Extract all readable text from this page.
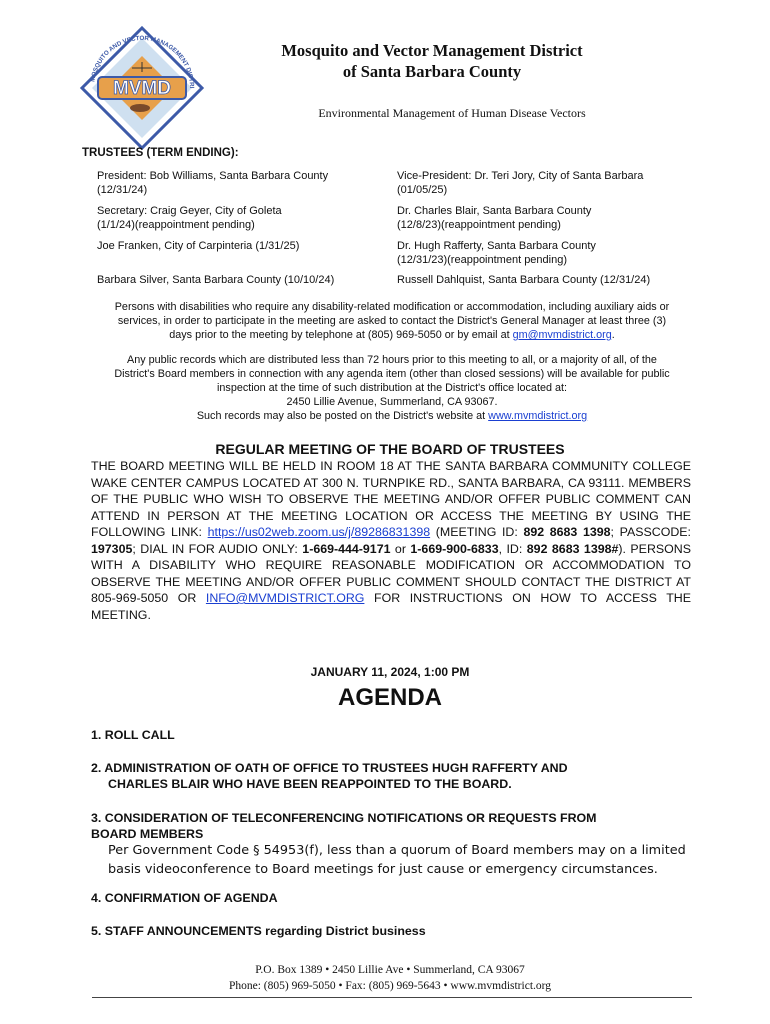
MOSQUITO AND VECTOR MANAGEMENT DISTRI
MVMD
Mosquito and Vector Management District
of Santa Barbara County
Environmental Management of Human Disease Vectors
TRUSTEES (TERM ENDING):
President: Bob Williams, Santa Barbara County
(12/31/24)
Secretary: Craig Geyer, City of Goleta
(1/1/24)(reappointment pending)
Joe Franken, City of Carpinteria (1/31/25)
Barbara Silver, Santa Barbara County (10/10/24)
Vice-President: Dr. Teri Jory, City of Santa Barbara
(01/05/25)
Dr. Charles Blair, Santa Barbara County
(12/8/23)(reappointment pending)
Dr. Hugh Rafferty, Santa Barbara County
(12/31/23)(reappointment pending)
Russell Dahlquist, Santa Barbara County (12/31/24)
Persons with disabilities who require any disability-related modification or accommodation, including auxiliary aids or
services, in order to participate in the meeting are asked to contact the District's General Manager at least three (3)
days prior to the meeting by telephone at (805) 969-5050 or by email at gm@mvmdistrict.org.
Any public records which are distributed less than 72 hours prior to this meeting to all, or a majority of all, of the
District's Board members in connection with any agenda item (other than closed sessions) will be available for public
inspection at the time of such distribution at the District's office located at:
2450 Lillie Avenue, Summerland, CA 93067.
Such records may also be posted on the District's website at www.mvmdistrict.org
REGULAR MEETING OF THE BOARD OF TRUSTEES
THE BOARD MEETING WILL BE HELD IN ROOM 18 AT THE SANTA BARBARA COMMUNITY COLLEGE WAKE CENTER CAMPUS LOCATED AT 300 N. TURNPIKE RD., SANTA BARBARA, CA 93111. MEMBERS OF THE PUBLIC WHO WISH TO OBSERVE THE MEETING AND/OR OFFER PUBLIC COMMENT CAN ATTEND IN PERSON AT THE MEETING LOCATION OR ACCESS THE MEETING BY USING THE FOLLOWING LINK: https://us02web.zoom.us/j/89286831398 (MEETING ID: 892 8683 1398; PASSCODE: 197305; DIAL IN FOR AUDIO ONLY: 1-669-444-9171 or 1-669-900-6833, ID: 892 8683 1398#). PERSONS WITH A DISABILITY WHO REQUIRE REASONABLE MODIFICATION OR ACCOMMODATION TO OBSERVE THE MEETING AND/OR OFFER PUBLIC COMMENT SHOULD CONTACT THE DISTRICT AT 805-969-5050 OR INFO@MVMDISTRICT.ORG FOR INSTRUCTIONS ON HOW TO ACCESS THE MEETING.
JANUARY 11, 2024, 1:00 PM
AGENDA
1. ROLL CALL
2. ADMINISTRATION OF OATH OF OFFICE TO TRUSTEES HUGH RAFFERTY AND
CHARLES BLAIR WHO HAVE BEEN REAPPOINTED TO THE BOARD.
3. CONSIDERATION OF TELECONFERENCING NOTIFICATIONS OR REQUESTS FROM
BOARD MEMBERS
Per Government Code § 54953(f), less than a quorum of Board members may on a limited
basis videoconference to Board meetings for just cause or emergency circumstances.
4. CONFIRMATION OF AGENDA
5. STAFF ANNOUNCEMENTS regarding District business
P.O. Box 1389 • 2450 Lillie Ave • Summerland, CA 93067
Phone: (805) 969-5050 • Fax: (805) 969-5643 • www.mvmdistrict.org
